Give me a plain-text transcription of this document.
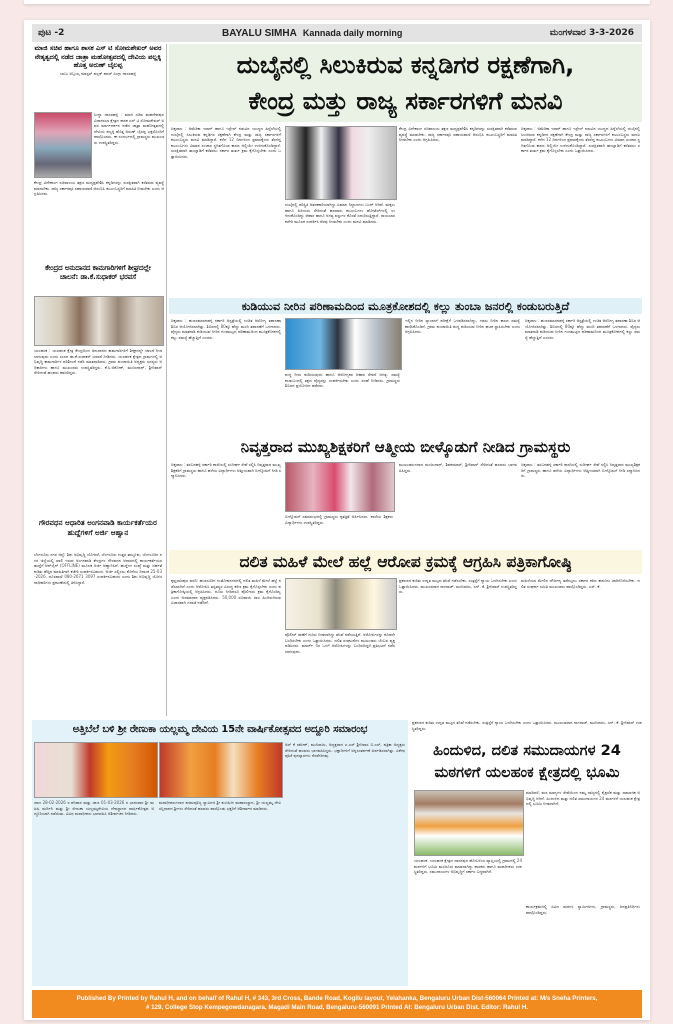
ಪುಟ -2	BAYALU SIMHA Kannada daily morning	ಮಂಗಳವಾರ 3-3-2026
ಮಾಜಿ ಸಚಿವ ಹಾಗೂ ಶಾಸಕ ಎಸ್ ಟಿ ಸೋಮಶೇಖರ್ ಅವರ ನೇತೃತ್ವದಲ್ಲಿ ನಡೆದ ಜಾತ್ರಾ ಮಹೋತ್ಸವದಲ್ಲಿ ದೇವಿಯ ಪಲ್ಲಕ್ಕಿ ಹೊತ್ತ ಅರುಣ್ ಬೈಲಪ್ಪ
ಬಾಬು ಅಬ್ಬಯ್ಯ ಮಾಸ್ಟರ್ ಪಲ್ಲಕ್ ಪವರ್ ಸಿಂಗ್ಡಾ ದಾಸರಹಳ್ಳಿ
ಸಿಂಗ್ಡಾ ದಾಸರಹಳ್ಳಿ : ಮಾಜಿ ಸಚಿವ ಮಹದೇವಪುರ ವಿಧಾನಸಭಾ ಕ್ಷೇತ್ರದ ಶಾಸಕ ಎಸ್ ಟಿ ಸೋಮಶೇಖರ್ ಅವರ ಮಾರ್ಗದರ್ಶನ ನಡೆದ ಜಾತ್ರಾ ಮಹೋತ್ಸವದಲ್ಲಿ ದೇವಿಯ ಪಲ್ಲಕ್ಕಿ ಹೊತ್ತ ಅರುಣ್ ಬೈಲಪ್ಪ ಭಕ್ತರೊಂದಿಗೆ ಪಾಲ್ಗೊಂಡರು. ಈ ಸಂದರ್ಭದಲ್ಲಿ ಗ್ರಾಮಸ್ಥರು ಮುಖಂಡರು ಉಪಸ್ಥಿತರಿದ್ದರು.
ಕೇಂದ್ರ ವಿದೇಶಾಂಗ ಸಚಿವಾಲಯ ತಕ್ಷಣ ಮಧ್ಯಪ್ರವೇಶಿಸಿ ಕನ್ನಡಿಗರನ್ನು ಸುರಕ್ಷಿತವಾಗಿ ಕರೆತರುವ ವ್ಯವಸ್ಥೆ ಮಾಡಬೇಕು. ರಾಜ್ಯ ಸರ್ಕಾರವೂ ಸಹಾಯವಾಣಿ ಆರಂಭಿಸಿ ಕುಟುಂಬಸ್ಥರಿಗೆ ಮಾಹಿತಿ ನೀಡಬೇಕು ಎಂದು ಆಗ್ರಹಿಸಿದರು.
ಕೇಂದ್ರದ ಅನುದಾನದ ಕಾಮಗಾರಿಗಳಿಗೆ ಶೀಘ್ರದಲ್ಲೇ ಚಾಲನೆ: ಡಾ.ಕೆ.ಸುಧಾಕರ್ ಭರವಸೆ
ಯಲಹಂಕ : ಯಲಹಂಕ ಕ್ಷೇತ್ರ ಕೇಂದ್ರದಿಂದ ಅನುದಾನದ ಕಾಮಗಾರಿಗಳಿಗೆ ಶೀಘ್ರದಲ್ಲೇ ಚಾಲನೆ ನೀಡಲಾಗುವುದು ಎಂದು ಸಂಸದ ಡಾ.ಕೆ.ಸುಧಾಕರ್ ಭರವಸೆ ನೀಡಿದರು. ಯಲಹಂಕ ಕ್ಷೇತ್ರದ ಗ್ರಾಮಗಳಲ್ಲಿ ಅಭಿವೃದ್ಧಿ ಕಾಮಗಾರಿಗಳ ಪರಿಶೀಲನೆ ನಡೆಸಿ ಮಾತನಾಡಿದರು. ಗ್ರಾಮ ಪಂಚಾಯಿತಿ ಅಧ್ಯಕ್ಷರು ಸದಸ್ಯರು ಅಧಿಕಾರಿಗಳು ಹಾಗೂ ಮುಖಂಡರು ಉಪಸ್ಥಿತರಿದ್ದರು. ಕೆ.ಸಿ.ಅಶೋಕ್, ಮಂಜುನಾಥ್, ಶ್ರೀನಿವಾಸ್ ಸೇರಿದಂತೆ ಹಲವರು ಹಾಜರಿದ್ದರು.
ಗೌರವಧನ ಆಧಾರಿತ ಅಂಗನವಾಡಿ ಕಾರ್ಯಕರ್ತೆಯರ ಹುದ್ದೆಗಳಿಗೆ ಅರ್ಜಿ ಆಹ್ವಾನ
ಬೆಂಗಳೂರು ನಗರ ಜಿಲ್ಲೆ: ಶಿಶು ಅಭಿವೃದ್ಧಿ ಯೋಜನೆ, ಬೆಂಗಳೂರು ಉತ್ತರ ತಾಲ್ಲೂಕು, ಬೆಂಗಳೂರಿನ ನಗರ ಜಿಲ್ಲೆಯಲ್ಲಿ ಖಾಲಿ ಇರುವ ಅಂಗನವಾಡಿ ಕೇಂದ್ರಗಳ ಗೌರವಧನ ಆಧಾರದಲ್ಲಿ ಕಾರ್ಯಕರ್ತೆಯರ ಹುದ್ದೆಗೆ ಆನ್‌ಲೈನ್ (OFFLINE) ಮೂಲಕ ಅರ್ಜಿ ಆಹ್ವಾನಿಸಿದೆ. ಹುದ್ದೆಗಳ ಸಂಖ್ಯೆ ಮತ್ತು ಅರ್ಹತೆ ಕುರಿತು ಹೆಚ್ಚಿನ ಮಾಹಿತಿಗಾಗಿ ಕಚೇರಿ ಸಂಪರ್ಕಿಸಬಹುದು. ಅರ್ಜಿ ಸಲ್ಲಿಸಲು ಕೊನೆಯ ದಿನಾಂಕ 25-03-2026. ದೂರವಾಣಿ 080-2671 3097 ಸಂಪರ್ಕಿಸಬಹುದು ಎಂದು ಶಿಶು ಅಭಿವೃದ್ಧಿ ಯೋಜನಾಧಿಕಾರಿಗಳು ಪ್ರಕಟಣೆಯಲ್ಲಿ ತಿಳಿಸಿದ್ದಾರೆ.
ದುಬೈನಲ್ಲಿ ಸಿಲುಕಿರುವ ಕನ್ನಡಿಗರ ರಕ್ಷಣೆಗಾಗಿ,
ಕೇಂದ್ರ ಮತ್ತು ರಾಜ್ಯ ಸರ್ಕಾರಗಳಿಗೆ ಮನವಿ
ಚಿಕ್ಕಜಾಲ : ಅಮೆರಿಕಾ ಇರಾನ್ ಹಾಗೂ ಇಸ್ರೇಲ್ ನಡುವಿನ ಯುದ್ಧದ ಹಿನ್ನೆಲೆಯಲ್ಲಿ ದುಬೈನಲ್ಲಿ ಸಿಲುಕಿರುವ ಕನ್ನಡಿಗರ ರಕ್ಷಣೆಗಾಗಿ ಕೇಂದ್ರ ಮತ್ತು ರಾಜ್ಯ ಸರ್ಕಾರಗಳಿಗೆ ಕುಟುಂಬಸ್ಥರು ಮನವಿ ಮಾಡಿದ್ದಾರೆ. ಕಳೆದ 12 ದಿನಗಳಿಂದ ಪ್ರವಾಸಕ್ಕೆಂದು ತೆರಳಿದ್ದ ಕುಟುಂಬಗಳು ವಿಮಾನ ಸಂಚಾರ ಸ್ಥಗಿತಗೊಂಡ ಕಾರಣ ಅಲ್ಲಿಯೇ ಉಳಿದುಕೊಂಡಿದ್ದಾರೆ. ಸುರಕ್ಷಿತವಾಗಿ ತಾಯ್ನಾಡಿಗೆ ಕರೆತರಲು ಸರ್ಕಾರ ತುರ್ತು ಕ್ರಮ ಕೈಗೊಳ್ಳಬೇಕು ಎಂದು ಒತ್ತಾಯಿಸಿದರು.
ದುಬೈನಲ್ಲಿ ಪರಿಸ್ಥಿತಿ ಆತಂಕಕಾರಿಯಾಗಿದ್ದು ವಿಮಾನ ನಿಲ್ದಾಣಗಳು ಬಂದ್ ಆಗಿವೆ. ಮಕ್ಕಳು ಹಾಗೂ ಹಿರಿಯರು ಸೇರಿದಂತೆ ಹಲವಾರು ಕುಟುಂಬಗಳು ಹೋಟೆಲ್‌ಗಳಲ್ಲಿ ಉಳಿದುಕೊಂಡಿದ್ದು ಆಹಾರ ಹಾಗೂ ಅಗತ್ಯ ವಸ್ತುಗಳ ಕೊರತೆ ಎದುರಿಸುತ್ತಿದ್ದಾರೆ. ರಾಯಭಾರ ಕಚೇರಿ ಮೂಲಕ ಸಂಪರ್ಕಿಸಿ ನೆರವು ನೀಡಬೇಕು ಎಂದು ಮನವಿ ಮಾಡಿದರು.
ಕೇಂದ್ರ ವಿದೇಶಾಂಗ ಸಚಿವಾಲಯ ತಕ್ಷಣ ಮಧ್ಯಪ್ರವೇಶಿಸಿ ಕನ್ನಡಿಗರನ್ನು ಸುರಕ್ಷಿತವಾಗಿ ಕರೆತರುವ ವ್ಯವಸ್ಥೆ ಮಾಡಬೇಕು. ರಾಜ್ಯ ಸರ್ಕಾರವೂ ಸಹಾಯವಾಣಿ ಆರಂಭಿಸಿ ಕುಟುಂಬಸ್ಥರಿಗೆ ಮಾಹಿತಿ ನೀಡಬೇಕು ಎಂದು ಆಗ್ರಹಿಸಿದರು.
ಚಿಕ್ಕಜಾಲ : ಅಮೆರಿಕಾ ಇರಾನ್ ಹಾಗೂ ಇಸ್ರೇಲ್ ನಡುವಿನ ಯುದ್ಧದ ಹಿನ್ನೆಲೆಯಲ್ಲಿ ದುಬೈನಲ್ಲಿ ಸಿಲುಕಿರುವ ಕನ್ನಡಿಗರ ರಕ್ಷಣೆಗಾಗಿ ಕೇಂದ್ರ ಮತ್ತು ರಾಜ್ಯ ಸರ್ಕಾರಗಳಿಗೆ ಕುಟುಂಬಸ್ಥರು ಮನವಿ ಮಾಡಿದ್ದಾರೆ. ಕಳೆದ 12 ದಿನಗಳಿಂದ ಪ್ರವಾಸಕ್ಕೆಂದು ತೆರಳಿದ್ದ ಕುಟುಂಬಗಳು ವಿಮಾನ ಸಂಚಾರ ಸ್ಥಗಿತಗೊಂಡ ಕಾರಣ ಅಲ್ಲಿಯೇ ಉಳಿದುಕೊಂಡಿದ್ದಾರೆ. ಸುರಕ್ಷಿತವಾಗಿ ತಾಯ್ನಾಡಿಗೆ ಕರೆತರಲು ಸರ್ಕಾರ ತುರ್ತು ಕ್ರಮ ಕೈಗೊಳ್ಳಬೇಕು ಎಂದು ಒತ್ತಾಯಿಸಿದರು.
ಕುಡಿಯುವ ನೀರಿನ ಪರಿಣಾಮದಿಂದ ಮೂತ್ರಕೋಶದಲ್ಲಿ ಕಲ್ಲು ತುಂಬಾ ಜನರಲ್ಲಿ ಕಂಡುಬರುತ್ತಿದೆ
ಚಿಕ್ಕಜಾಲ : ಹುಣಸಮಾರನಹಳ್ಳಿ ಸರ್ಕಾರಿ ಆಸ್ಪತ್ರೆಯಲ್ಲಿ ಉಚಿತ ಆರೋಗ್ಯ ತಪಾಸಣಾ ಶಿಬಿರ ಆಯೋಜಿಸಲಾಗಿತ್ತು. ಶಿಬಿರದಲ್ಲಿ 80ಕ್ಕೂ ಹೆಚ್ಚು ಮಂದಿ ತಪಾಸಣೆಗೆ ಒಳಗಾದರು. ವೈದ್ಯರು ಮಾತನಾಡಿ ಕುಡಿಯುವ ನೀರಿನ ಗುಣಮಟ್ಟದ ಪರಿಣಾಮದಿಂದ ಮೂತ್ರಕೋಶದಲ್ಲಿ ಕಲ್ಲು ಸಮಸ್ಯೆ ಹೆಚ್ಚುತ್ತಿದೆ ಎಂದರು.
ಶುದ್ಧ ನೀರು ಕುಡಿಯುವುದು ಹಾಗೂ ಆರೋಗ್ಯಕರ ಆಹಾರ ಸೇವನೆ ಅಗತ್ಯ. ಸಮಸ್ಯೆ ಕಂಡುಬಂದಲ್ಲಿ ತಕ್ಷಣ ವೈದ್ಯರನ್ನು ಸಂಪರ್ಕಿಸಬೇಕು ಎಂದು ಸಲಹೆ ನೀಡಿದರು. ಗ್ರಾಮಸ್ಥರು ಶಿಬಿರದ ಪ್ರಯೋಜನ ಪಡೆದರು.
ಇಲ್ಲಿನ ನೀರಿನ ಸ್ಯಾಂಪಲ್ ಪರೀಕ್ಷೆಗೆ ಒಳಪಡಿಸಲಾಗಿದ್ದು, ಗಡಸು ನೀರಿನ ಕಾರಣ ಸಮಸ್ಯೆ ಕಾಣಿಸಿಕೊಂಡಿದೆ. ಗ್ರಾಮ ಪಂಚಾಯಿತಿ ಶುದ್ಧ ಕುಡಿಯುವ ನೀರಿನ ಘಟಕ ಸ್ಥಾಪಿಸಬೇಕು ಎಂದು ಆಗ್ರಹಿಸಿದರು.
ಚಿಕ್ಕಜಾಲ : ಹುಣಸಮಾರನಹಳ್ಳಿ ಸರ್ಕಾರಿ ಆಸ್ಪತ್ರೆಯಲ್ಲಿ ಉಚಿತ ಆರೋಗ್ಯ ತಪಾಸಣಾ ಶಿಬಿರ ಆಯೋಜಿಸಲಾಗಿತ್ತು. ಶಿಬಿರದಲ್ಲಿ 80ಕ್ಕೂ ಹೆಚ್ಚು ಮಂದಿ ತಪಾಸಣೆಗೆ ಒಳಗಾದರು. ವೈದ್ಯರು ಮಾತನಾಡಿ ಕುಡಿಯುವ ನೀರಿನ ಗುಣಮಟ್ಟದ ಪರಿಣಾಮದಿಂದ ಮೂತ್ರಕೋಶದಲ್ಲಿ ಕಲ್ಲು ಸಮಸ್ಯೆ ಹೆಚ್ಚುತ್ತಿದೆ ಎಂದರು.
ನಿವೃತ್ತರಾದ ಮುಖ್ಯಶಿಕ್ಷಕರಿಗೆ ಆತ್ಮೀಯ ಬೀಳ್ಕೊಡುಗೆ ನೀಡಿದ ಗ್ರಾಮಸ್ಥರು
ಚಿಕ್ಕಜಾಲ : ತರಬನಹಳ್ಳಿ ಸರ್ಕಾರಿ ಶಾಲೆಯಲ್ಲಿ ಸುದೀರ್ಘ ಸೇವೆ ಸಲ್ಲಿಸಿ ನಿವೃತ್ತರಾದ ಮುಖ್ಯಶಿಕ್ಷಕರಿಗೆ ಗ್ರಾಮಸ್ಥರು ಹಾಗೂ ಹಳೆಯ ವಿದ್ಯಾರ್ಥಿಗಳು ಆತ್ಮೀಯವಾಗಿ ಬೀಳ್ಕೊಡುಗೆ ನೀಡಿ ಸನ್ಮಾನಿಸಿದರು.
ಬೀಳ್ಕೊಡುಗೆ ಸಮಾರಂಭದಲ್ಲಿ ಗ್ರಾಮಸ್ಥರು ಕೃತಜ್ಞತೆ ಅರ್ಪಿಸಿದರು. ಶಾಲೆಯ ಶಿಕ್ಷಕರು ವಿದ್ಯಾರ್ಥಿಗಳು ಉಪಸ್ಥಿತರಿದ್ದರು.
ಮುಖಂಡರುಗಳಾದ ಮಂಜುನಾಥ್, ಶಿವಕುಮಾರ್, ಶ್ರೀನಿವಾಸ್ ಸೇರಿದಂತೆ ಹಲವರು ಭಾಗವಹಿಸಿದ್ದರು.
ಚಿಕ್ಕಜಾಲ : ತರಬನಹಳ್ಳಿ ಸರ್ಕಾರಿ ಶಾಲೆಯಲ್ಲಿ ಸುದೀರ್ಘ ಸೇವೆ ಸಲ್ಲಿಸಿ ನಿವೃತ್ತರಾದ ಮುಖ್ಯಶಿಕ್ಷಕರಿಗೆ ಗ್ರಾಮಸ್ಥರು ಹಾಗೂ ಹಳೆಯ ವಿದ್ಯಾರ್ಥಿಗಳು ಆತ್ಮೀಯವಾಗಿ ಬೀಳ್ಕೊಡುಗೆ ನೀಡಿ ಸನ್ಮಾನಿಸಿದರು.
ದಲಿತ ಮಹಿಳೆ ಮೇಲೆ ಹಲ್ಲೆ ಆರೋಪ ಕ್ರಮಕ್ಕೆ ಆಗ್ರಹಿಸಿ ಪತ್ರಿಕಾಗೋಷ್ಠಿ
ಕೃಷ್ಣರಾಜಪುರ ವರದಿ: ಹುಣಸೂರಿನ ಸಂತೋಷನಗರದಲ್ಲಿ ದಲಿತ ಮಹಿಳೆ ಮೇಲೆ ಹಲ್ಲೆ ನಡೆಸಲಾಗಿದೆ ಎಂದು ಆರೋಪಿಸಿ ತಪ್ಪಿತಸ್ಥರ ವಿರುದ್ಧ ಕಠಿಣ ಕ್ರಮ ಕೈಗೊಳ್ಳಬೇಕು ಎಂದು ಪತ್ರಿಕಾಗೋಷ್ಠಿಯಲ್ಲಿ ಆಗ್ರಹಿಸಿದರು. ದೂರು ನೀಡಿದರೂ ಪೊಲೀಸರು ಕ್ರಮ ಕೈಗೊಂಡಿಲ್ಲ ಎಂದು ಅಸಮಾಧಾನ ವ್ಯಕ್ತಪಡಿಸಿದರು. 50,000 ರೂಪಾಯಿ ಸಾಲ ಹಿಂದಿರುಗಿಸುವ ವಿಚಾರವಾಗಿ ಗಲಾಟೆ ನಡೆದಿದೆ.
ಪೊಲೀಸ್ ಠಾಣೆಗೆ ದೂರು ನೀಡಲಾಗಿದ್ದು ತನಿಖೆ ನಡೆಯುತ್ತಿದೆ. ಆರೋಪಿಗಳನ್ನು ಕೂಡಲೇ ಬಂಧಿಸಬೇಕು ಎಂದು ಒತ್ತಾಯಿಸಿದರು. ದಲಿತ ಸಂಘಟನೆಗಳ ಮುಖಂಡರು ಬೆಂಬಲ ವ್ಯಕ್ತಪಡಿಸಿದರು. ಮಾರ್ಚ್ 4ರ ಒಳಗೆ ಆರೋಪಿಗಳನ್ನು ಬಂಧಿಸದಿದ್ದರೆ ಪ್ರತಿಭಟನೆ ನಡೆಸಲಾಗುವುದು.
ಪ್ರಕರಣದ ಕುರಿತು ಉನ್ನತ ಮಟ್ಟದ ತನಿಖೆ ನಡೆಸಬೇಕು. ಸಂತ್ರಸ್ತೆಗೆ ನ್ಯಾಯ ಒದಗಿಸಬೇಕು ಎಂದು ಒತ್ತಾಯಿಸಿದರು. ಮುಖಂಡರಾದ ನಾಗರಾಜ್, ಮುನಿರಾಜು, ಎನ್. ಕೆ. ಶ್ರೀನಿವಾಸ್ ಉಪಸ್ಥಿತರಿದ್ದರು.
ಮಹಿಳೆಯರ ಮೇಲಿನ ದೌರ್ಜನ್ಯ ತಡೆಗಟ್ಟಲು ಸರ್ಕಾರ ಕಠಿಣ ಕಾನೂನು ಜಾರಿಗೊಳಿಸಬೇಕು. ದಲಿತ ಸಂಘರ್ಷ ಸಮಿತಿ ಮುಖಂಡರು ಪಾಲ್ಗೊಂಡಿದ್ದರು. ಎಸ್. ಕೆ.
ಅತ್ತಿಬೆಲೆ ಬಳಿ ಶ್ರೀ ರೇಣುಕಾ ಯಲ್ಲಮ್ಮ ದೇವಿಯ 15ನೇ ವಾರ್ಷಿಕೋತ್ಸವದ ಅದ್ದೂರಿ ಸಮಾರಂಭ
ಜಾಣ 28-02-2026 ರ ಶನಿವಾರ ಮತ್ತು ಜಾಣ 01-03-2026 ರ ಭಾನುವಾರ ಶ್ರೀ ಮಹಿಷಿ ಮರ್ದಿನಿ ಮತ್ತು ಶ್ರೀ ರೇಣುಕಾ ಯಲ್ಲಮ್ಮದೇವಿಯ ದೇವಸ್ಥಾನದ ವಾರ್ಷಿಕೋತ್ಸವ ಅದ್ದೂರಿಯಾಗಿ ನಡೆಯಿತು. ವಿವಿಧ ಮಠಾಧೀಶರು ಭಾಗವಹಿಸಿ ಆಶೀರ್ವಚನ ನೀಡಿದರು.
ಮಠಾಧೀಶರುಗಳಾದ ಪರಮಪೂಜ್ಯ ಸ್ವಾಮೀಜಿ ಶ್ರೀ ಕುಂಚಿಟಿಗ ಮಹಾಸಂಸ್ಥಾನ, ಶ್ರೀ ಯಲ್ಲಮ್ಮ ದೇವಿ ಸನ್ನಿಧಾನದ ಶ್ರೀಗಳು ಸೇರಿದಂತೆ ಹಲವರು ಪಾಲ್ಗೊಂಡು ಭಕ್ತರಿಗೆ ಆಶೀರ್ವಾದ ಮಾಡಿದರು.
ಅರ್ ಕೆ ರಮೇಶ್, ಮುನಿರಾಜು, ಅಧ್ಯಕ್ಷರಾದ ಎ.ಎಸ್ ಶ್ರೀನಿವಾಸ ಬಿ.ಎಸ್, ಪತ್ರಿಕಾ ಅಧ್ಯಕ್ಷರು ಸೇರಿದಂತೆ ಹಲವರು ಭಾಗವಹಿಸಿದ್ದರು. ಭಕ್ತಾದಿಗಳಿಗೆ ಅನ್ನಸಂತರ್ಪಣೆ ಏರ್ಪಡಿಸಲಾಗಿತ್ತು. ವಿಶೇಷ ಪೂಜೆ ಪುನಸ್ಕಾರಗಳು ನೆರವೇರಿದವು.
ಪ್ರಕರಣದ ಕುರಿತು ಉನ್ನತ ಮಟ್ಟದ ತನಿಖೆ ನಡೆಸಬೇಕು. ಸಂತ್ರಸ್ತೆಗೆ ನ್ಯಾಯ ಒದಗಿಸಬೇಕು ಎಂದು ಒತ್ತಾಯಿಸಿದರು. ಮುಖಂಡರಾದ ನಾಗರಾಜ್, ಮುನಿರಾಜು, ಎನ್. ಕೆ. ಶ್ರೀನಿವಾಸ್ ಉಪಸ್ಥಿತರಿದ್ದರು.
ಹಿಂದುಳಿದ, ದಲಿತ ಸಮುದಾಯಗಳ 24 ಮಠಗಳಿಗೆ ಯಲಹಂಕ ಕ್ಷೇತ್ರದಲ್ಲಿ ಭೂಮಿ
ಯಲಹಂಕ: ಯಲಹಂಕ ಕ್ಷೇತ್ರದ ದಾಸನಪುರ ಹೋಬಳಿಯ ವ್ಯಾಪ್ತಿಯಲ್ಲಿ ಗ್ರಾಮದಲ್ಲಿ 24 ಮಠಗಳಿಗೆ ಭೂಮಿ ಮಂಜೂರು ಮಾಡಲಾಗಿದ್ದು ಶಾಸಕರು ಹಾಗೂ ಮಠಾಧೀಶರು ಉಪಸ್ಥಿತರಿದ್ದರು. ಸಮುದಾಯಗಳ ಅಭಿವೃದ್ಧಿಗೆ ಸರ್ಕಾರ ಬದ್ಧವಾಗಿದೆ.
ಮಾಡಿದರೆ, ಮಠ ಮಾನ್ಯಗಳ ಸೇವೆಯಿಂದ ನಮ್ಮ ರಾಜ್ಯದಲ್ಲಿ ಶೈಕ್ಷಣಿಕ ಮತ್ತು ಸಾಮಾಜಿಕ ಅಭಿವೃದ್ಧಿ ಆಗಿದೆ. ಹಿಂದುಳಿದ ಮತ್ತು ದಲಿತ ಸಮುದಾಯಗಳ 24 ಮಠಗಳಿಗೆ ಯಲಹಂಕ ಕ್ಷೇತ್ರದಲ್ಲಿ ಭೂಮಿ ನೀಡಲಾಗಿದೆ.
ಕಾರ್ಯಕ್ರಮದಲ್ಲಿ ವಿವಿಧ ಮಠಗಳ ಸ್ವಾಮೀಜಿಗಳು, ಗ್ರಾಮಸ್ಥರು, ಜನಪ್ರತಿನಿಧಿಗಳು ಪಾಲ್ಗೊಂಡಿದ್ದರು.
Published By Printed by Rahul H, and on behalf of Rahul H, # 343, 3rd Cross, Bande Road, Kogilu layout, Yelahanka, Bengaluru Urban Dist-560064 Printed at: M/s Sneha Printers,
# 129, College Stop Kempegowdanagara, Magadi Main Road, Bengaluru-560091 Printed At: Bengaluru Urban Dist. Editor: Rahul H.
